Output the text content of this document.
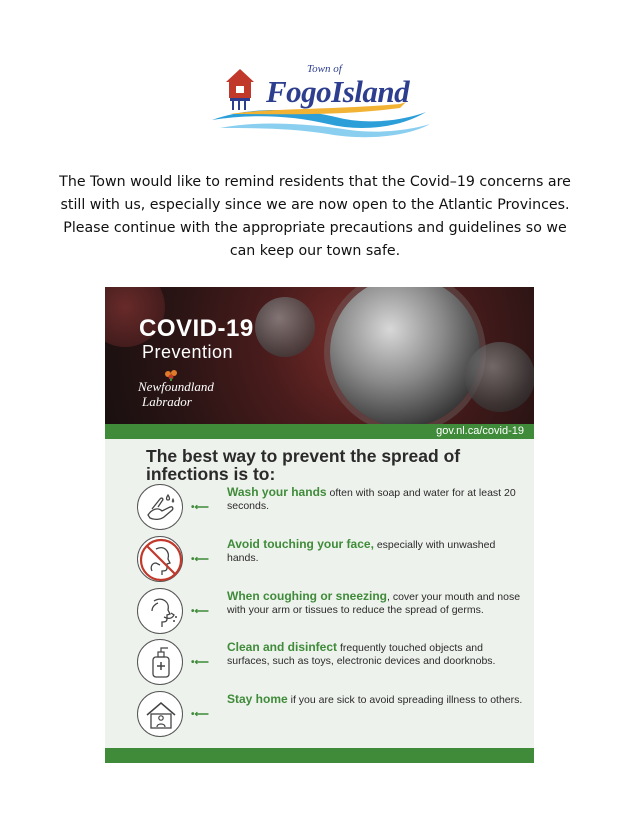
Town of
FogoIsland

The Town would like to remind residents that the Covid–19 concerns are still with us, especially since we are now open to the Atlantic Provinces. Please continue with the appropriate precautions and guidelines so we can keep our town safe.

COVID-19
Prevention
Newfoundland
Labrador
gov.nl.ca/covid-19
The best way to prevent the spread of infections is to:
•⟵
Wash your hands often with soap and water for at least 20 seconds.
•⟵
Avoid touching your face, especially with unwashed hands.
•⟵
When coughing or sneezing, cover your mouth and nose with your arm or tissues to reduce the spread of germs.
•⟵
Clean and disinfect frequently touched objects and surfaces, such as toys, electronic devices and doorknobs.
•⟵
Stay home if you are sick to avoid spreading illness to others.
